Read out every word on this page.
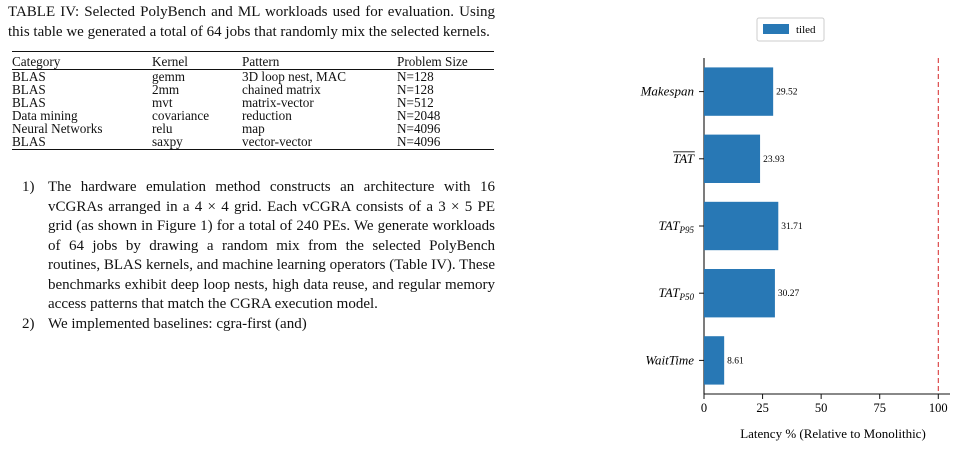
TABLE IV: Selected PolyBench and ML workloads used for evaluation. Using this table we generated a total of 64 jobs that randomly mix the selected kernels.

Category	Kernel	Pattern	Problem Size
BLAS	gemm	3D loop nest, MAC	N=128
BLAS	2mm	chained matrix	N=128
BLAS	mvt	matrix-vector	N=512
Data mining	covariance	reduction	N=2048
Neural Networks	relu	map	N=4096
BLAS	saxpy	vector-vector	N=4096
1) The hardware emulation method constructs an architecture with 16 vCGRAs arranged in a 4 × 4 grid. Each vCGRA consists of a 3 × 5 PE grid (as shown in Figure 1) for a total of 240 PEs. We generate workloads of 64 jobs by drawing a random mix from the selected PolyBench routines, BLAS kernels, and machine learning operators (Table IV). These benchmarks exhibit deep loop nests, high data reuse, and regular memory access patterns that match the CGRA execution model.
2) We implemented baselines: cgra-first (and)
tiled
0	25	50	75	100
29.52
Makespan
23.93
TAT
31.71
$TAT_{P95}$
30.27
$TAT_{P50}$
8.61
WaitTime
Latency % (Relative to Monolithic)
